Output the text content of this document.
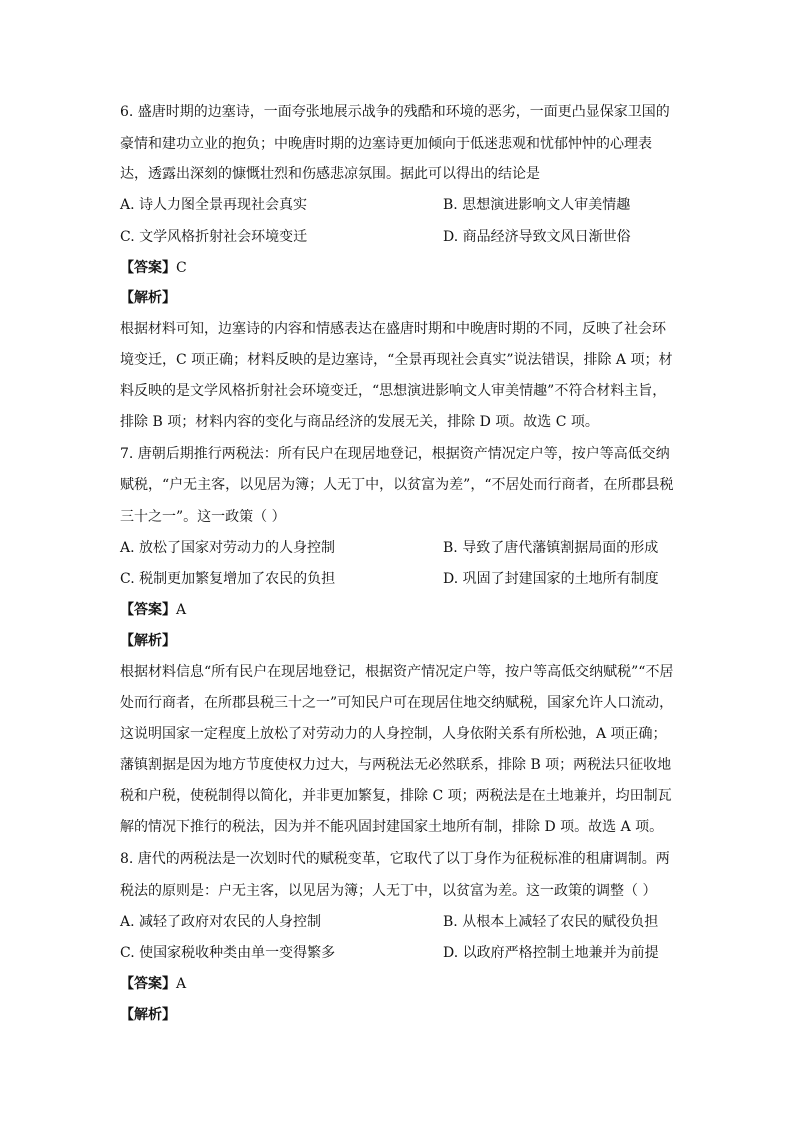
6. 盛唐时期的边塞诗，一面夸张地展示战争的残酷和环境的恶劣，一面更凸显保家卫国的
豪情和建功立业的抱负；中晚唐时期的边塞诗更加倾向于低迷悲观和忧郁忡忡的心理表
达，透露出深刻的慷慨壮烈和伤感悲凉氛围。据此可以得出的结论是
A. 诗人力图全景再现社会真实	B. 思想演进影响文人审美情趣
C. 文学风格折射社会环境变迁	D. 商品经济导致文风日渐世俗
【答案】C
【解析】
根据材料可知，边塞诗的内容和情感表达在盛唐时期和中晚唐时期的不同，反映了社会环
境变迁，C 项正确；材料反映的是边塞诗，“全景再现社会真实”说法错误，排除 A 项；材
料反映的是文学风格折射社会环境变迁，“思想演进影响文人审美情趣”不符合材料主旨，
排除 B 项；材料内容的变化与商品经济的发展无关，排除 D 项。故选 C 项。
7. 唐朝后期推行两税法：所有民户在现居地登记，根据资产情况定户等，按户等高低交纳
赋税，“户无主客，以见居为簿；人无丁中，以贫富为差”，“不居处而行商者，在所郡县税
三十之一”。这一政策（ ）
A. 放松了国家对劳动力的人身控制	B. 导致了唐代藩镇割据局面的形成
C. 税制更加繁复增加了农民的负担	D. 巩固了封建国家的土地所有制度
【答案】A
【解析】
根据材料信息“所有民户在现居地登记，根据资产情况定户等，按户等高低交纳赋税”“不居
处而行商者，在所郡县税三十之一”可知民户可在现居住地交纳赋税，国家允许人口流动，
这说明国家一定程度上放松了对劳动力的人身控制，人身依附关系有所松弛，A 项正确；
藩镇割据是因为地方节度使权力过大，与两税法无必然联系，排除 B 项；两税法只征收地
税和户税，使税制得以简化，并非更加繁复，排除 C 项；两税法是在土地兼并，均田制瓦
解的情况下推行的税法，因为并不能巩固封建国家土地所有制，排除 D 项。故选 A 项。
8. 唐代的两税法是一次划时代的赋税变革，它取代了以丁身作为征税标准的租庸调制。两
税法的原则是：户无主客，以见居为簿；人无丁中，以贫富为差。这一政策的调整（ ）
A. 减轻了政府对农民的人身控制	B. 从根本上减轻了农民的赋役负担
C. 使国家税收种类由单一变得繁多	D. 以政府严格控制土地兼并为前提
【答案】A
【解析】
